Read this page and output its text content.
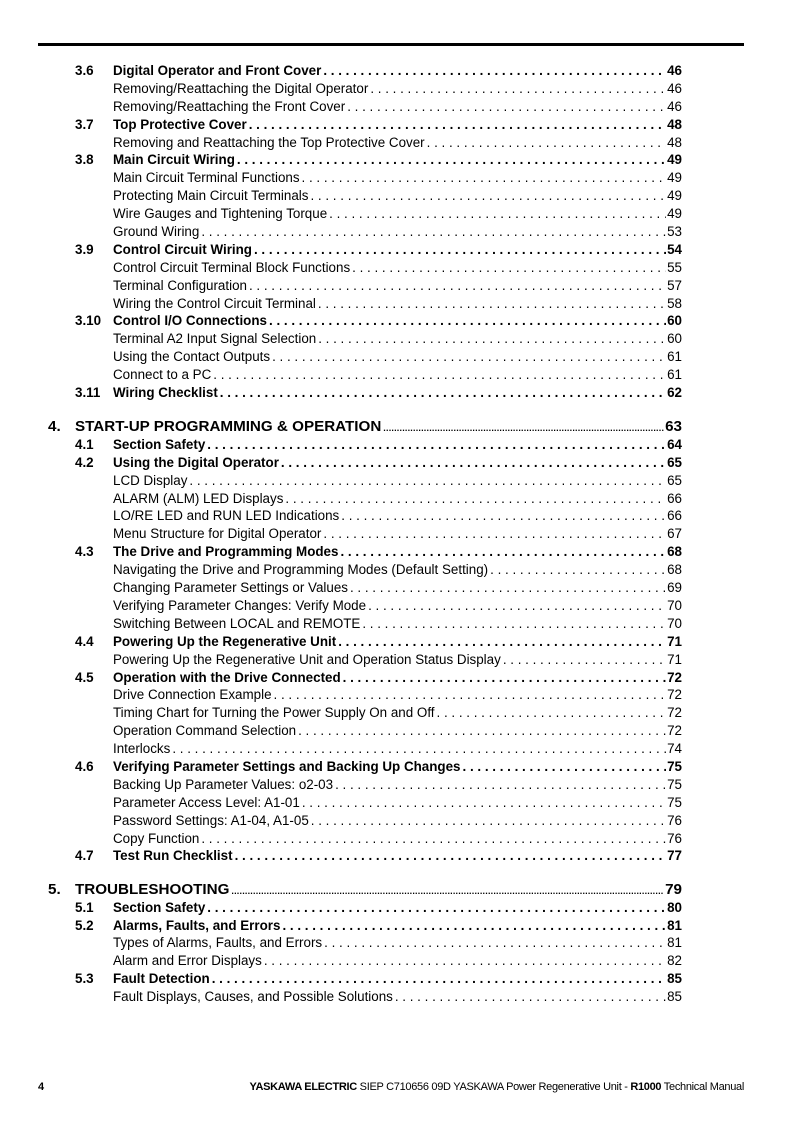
3.6 Digital Operator and Front Cover . . .	46
Removing/Reattaching the Digital Operator . . .	46
Removing/Reattaching the Front Cover . . .	46
3.7 Top Protective Cover . . .	48
Removing and Reattaching the Top Protective Cover . . .	48
3.8 Main Circuit Wiring . . .	49
Main Circuit Terminal Functions . . .	49
Protecting Main Circuit Terminals . . .	49
Wire Gauges and Tightening Torque . . .	49
Ground Wiring . . .	53
3.9 Control Circuit Wiring . . .	54
Control Circuit Terminal Block Functions . . .	55
Terminal Configuration . . .	57
Wiring the Control Circuit Terminal . . .	58
3.10 Control I/O Connections . . .	60
Terminal A2 Input Signal Selection . . .	60
Using the Contact Outputs . . .	61
Connect to a PC . . .	61
3.11 Wiring Checklist . . .	62
4. START-UP PROGRAMMING & OPERATION .....	63
4.1 Section Safety . . .	64
4.2 Using the Digital Operator . . .	65
LCD Display . . .	65
ALARM (ALM) LED Displays . . .	66
LO/RE LED and RUN LED Indications . . .	66
Menu Structure for Digital Operator . . .	67
4.3 The Drive and Programming Modes . . .	68
Navigating the Drive and Programming Modes (Default Setting) . . .	68
Changing Parameter Settings or Values . . .	69
Verifying Parameter Changes: Verify Mode . . .	70
Switching Between LOCAL and REMOTE . . .	70
4.4 Powering Up the Regenerative Unit . . .	71
Powering Up the Regenerative Unit and Operation Status Display . . .	71
4.5 Operation with the Drive Connected . . .	72
Drive Connection Example . . .	72
Timing Chart for Turning the Power Supply On and Off . . .	72
Operation Command Selection . . .	72
Interlocks . . .	74
4.6 Verifying Parameter Settings and Backing Up Changes . . .	75
Backing Up Parameter Values: o2-03 . . .	75
Parameter Access Level: A1-01 . . .	75
Password Settings: A1-04, A1-05 . . .	76
Copy Function . . .	76
4.7 Test Run Checklist . . .	77
5. TROUBLESHOOTING .....	79
5.1 Section Safety . . .	80
5.2 Alarms, Faults, and Errors . . .	81
Types of Alarms, Faults, and Errors . . .	81
Alarm and Error Displays . . .	82
5.3 Fault Detection . . .	85
Fault Displays, Causes, and Possible Solutions . . .	85
4	YASKAWA ELECTRIC SIEP C710656 09D YASKAWA Power Regenerative Unit - R1000 Technical Manual
